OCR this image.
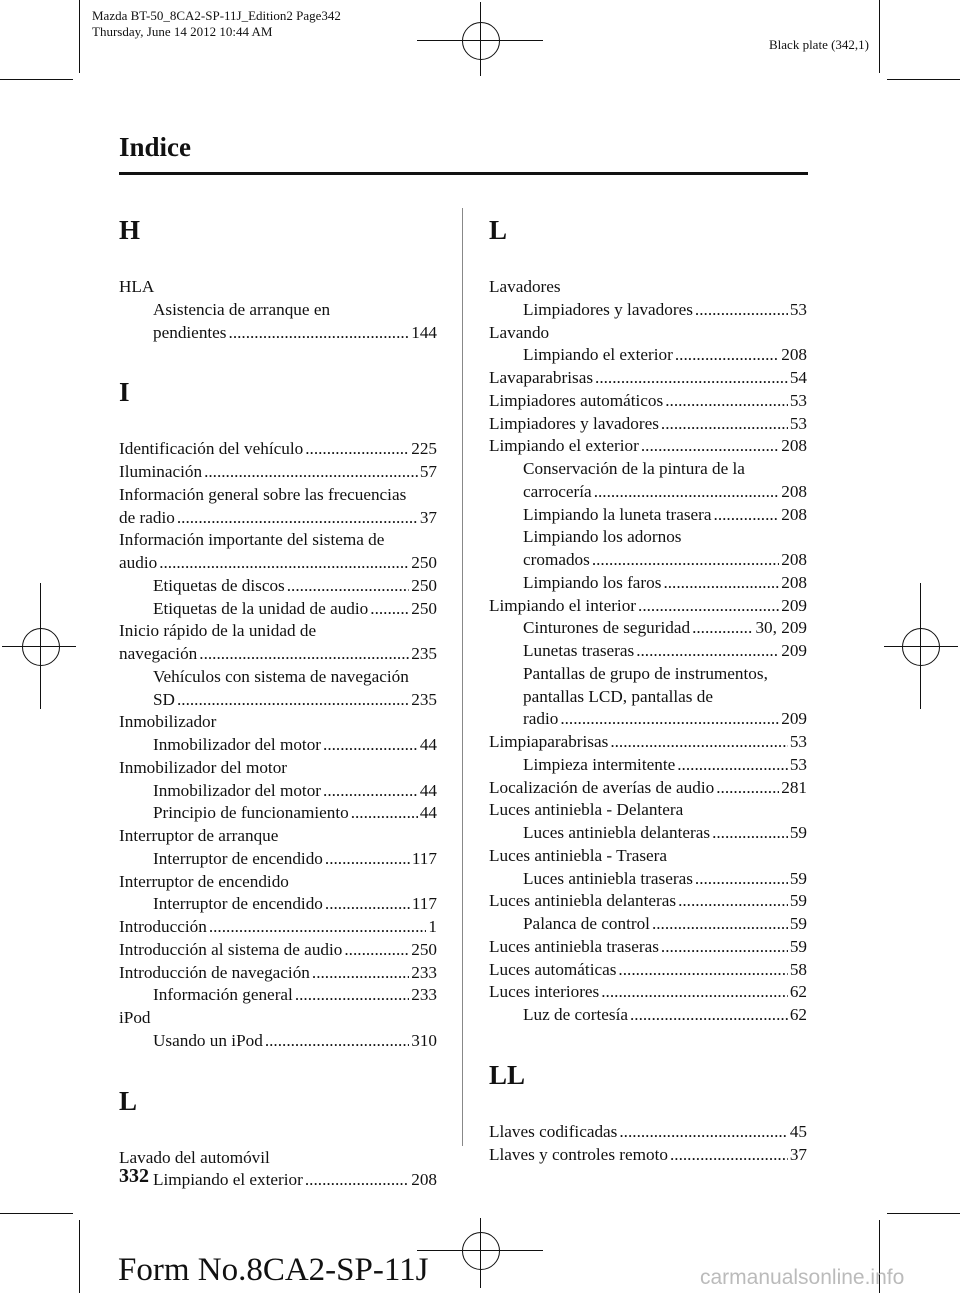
Mazda BT-50_8CA2-SP-11J_Edition2 Page342
Thursday, June 14 2012 10:44 AM
Black plate (342,1)
Indice
H
HLA
Asistencia de arranque en
pendientes .....	144
I
Identificación del vehículo .....	225
Iluminación .....	57
Información general sobre las frecuencias
de radio .....	37
Información importante del sistema de
audio .....	250
Etiquetas de discos .....	250
Etiquetas de la unidad de audio ..... 250
Inicio rápido de la unidad de
navegación .....	235
Vehículos con sistema de navegación
SD .....	235
Inmobilizador
Inmobilizador del motor .....	44
Inmobilizador del motor
Inmobilizador del motor .....	44
Principio de funcionamiento .....	44
Interruptor de arranque
Interruptor de encendido .....	117
Interruptor de encendido
Interruptor de encendido .....	117
Introducción .....	1
Introducción al sistema de audio .....	250
Introducción de navegación .....	233
Información general .....	233
iPod
Usando un iPod .....	310
L
Lavado del automóvil
Limpiando el exterior .....	208
L
Lavadores
Limpiadores y lavadores .....	53
Lavando
Limpiando el exterior .....	208
Lavaparabrisas .....	54
Limpiadores automáticos .....	53
Limpiadores y lavadores .....	53
Limpiando el exterior .....	208
Conservación de la pintura de la
carrocería .....	208
Limpiando la luneta trasera .....	208
Limpiando los adornos
cromados .....	208
Limpiando los faros .....	208
Limpiando el interior .....	209
Cinturones de seguridad .....	30, 209
Lunetas traseras .....	209
Pantallas de grupo de instrumentos,
pantallas LCD, pantallas de
radio .....	209
Limpiaparabrisas .....	53
Limpieza intermitente .....	53
Localización de averías de audio .....	281
Luces antiniebla - Delantera
Luces antiniebla delanteras .....	59
Luces antiniebla - Trasera
Luces antiniebla traseras .....	59
Luces antiniebla delanteras .....	59
Palanca de control .....	59
Luces antiniebla traseras .....	59
Luces automáticas .....	58
Luces interiores .....	62
Luz de cortesía .....	62
LL
Llaves codificadas .....	45
Llaves y controles remoto .....	37
332
Form No.8CA2-SP-11J	carmanualsonline.info
